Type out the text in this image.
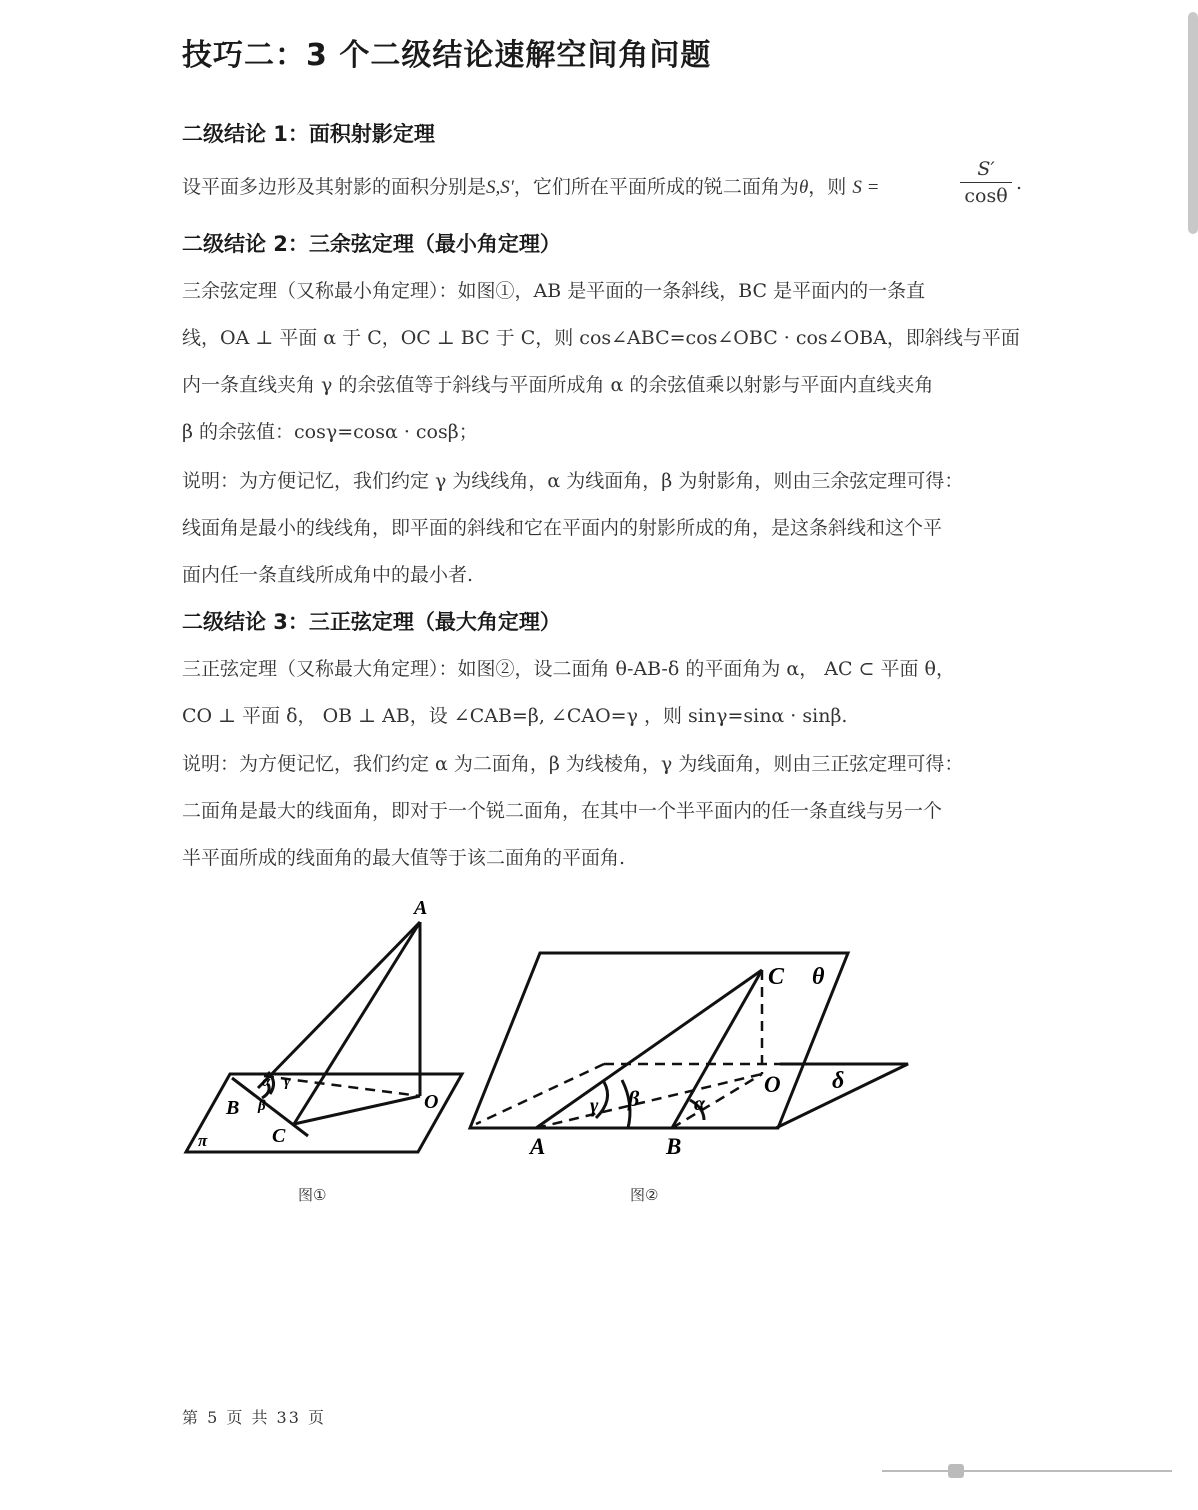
技巧二：3 个二级结论速解空间角问题
二级结论 1：面积射影定理

设平面多边形及其射影的面积分别是S,S′，它们所在平面所成的锐二面角为θ，则 S =	$\frac{S'}{\cos\theta}$ .
二级结论 2：三余弦定理（最小角定理）

三余弦定理（又称最小角定理）：如图①，AB 是平面的一条斜线，BC 是平面内的一条直

线，OA ⊥ 平面 α 于 C，OC ⊥ BC 于 C，则 cos∠ABC=cos∠OBC · cos∠OBA，即斜线与平面

内一条直线夹角 γ 的余弦值等于斜线与平面所成角 α 的余弦值乘以射影与平面内直线夹角

β 的余弦值：cosγ=cosα · cosβ；

说明：为方便记忆，我们约定 γ 为线线角，α 为线面角，β 为射影角，则由三余弦定理可得：

线面角是最小的线线角，即平面的斜线和它在平面内的射影所成的角，是这条斜线和这个平

面内任一条直线所成角中的最小者.

二级结论 3：三正弦定理（最大角定理）

三正弦定理（又称最大角定理）：如图②，设二面角 θ-AB-δ 的平面角为 α， AC ⊂ 平面 θ，

CO ⊥ 平面 δ， OB ⊥ AB，设 ∠CAB=β, ∠CAO=γ ，则 sinγ=sinα · sinβ.

说明：为方便记忆，我们约定 α 为二面角，β 为线棱角，γ 为线面角，则由三正弦定理可得：

二面角是最大的线面角，即对于一个锐二面角，在其中一个半平面内的任一条直线与另一个

半平面所成的线面角的最大值等于该二面角的平面角.

A
B
C
O
π
α
β
γ
图①
A	B
C
O
θ
δ
γ β	α
图②
第 5 页 共 33 页
